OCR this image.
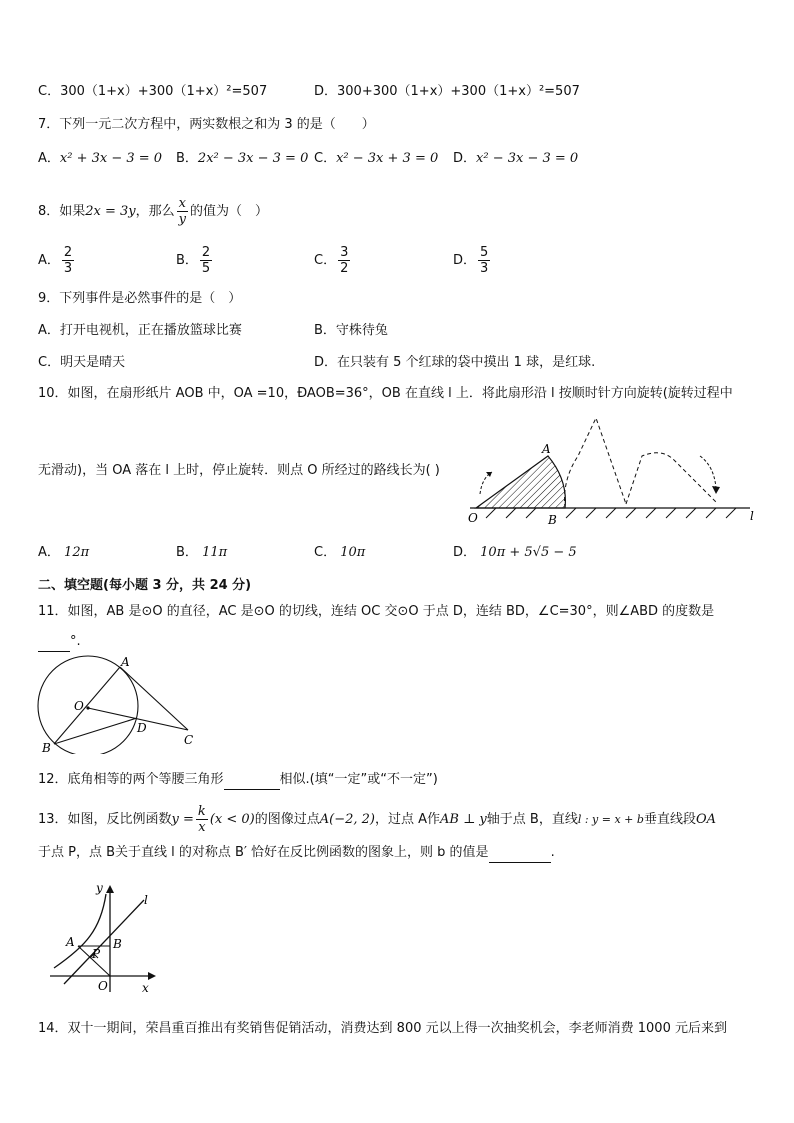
C．300（1+x）+300（1+x）²=507	D．300+300（1+x）+300（1+x）²=507
7．下列一元二次方程中，两实数根之和为 3 的是（　　）
A．x² + 3x − 3 = 0 B．2x² − 3x − 3 = 0 C．x² − 3x + 3 = 0 D．x² − 3x − 3 = 0
8．如果2x = 3y，那么 $\frac{x}{y}$ 的值为（　）
A． $\frac{2}{3}$	B． $\frac{2}{5}$	C． $\frac{3}{2}$	D． $\frac{5}{3}$
9．下列事件是必然事件的是（　）
A．打开电视机，正在播放篮球比赛	B．守株待兔
C．明天是晴天	D．在只装有 5 个红球的袋中摸出 1 球，是红球.
10．如图，在扇形纸片 AOB 中，OA =10，ÐAOB=36°，OB 在直线 l 上．将此扇形沿 l 按顺时针方向旋转(旋转过程中
无滑动)，当 OA 落在 l 上时，停止旋转．则点 O 所经过的路线长为( )
A
O	B	l
A． 12π	B． 11π	C． 10π	D． 10π + 5√5 − 5
二、填空题(每小题 3 分，共 24 分)
11．如图，AB 是⊙O 的直径，AC 是⊙O 的切线，连结 OC 交⊙O 于点 D，连结 BD，∠C=30°，则∠ABD 的度数是
°.
A
O
D
B
C
12．底角相等的两个等腰三角形	相似.(填“一定”或“不一定”)
13．如图，反比例函数$y = \frac{k}{x} (x < 0)$的图像过点A(−2, 2)，过点 A作AB ⊥ y轴于点 B，直线l : y = x + b垂直线段OA
于点 P，点 B关于直线 l 的对称点 B′ 恰好在反比例函数的图象上，则 b 的值是	.
y
l
A	B
P
O	x
14．双十一期间，荣昌重百推出有奖销售促销活动，消费达到 800 元以上得一次抽奖机会，李老师消费 1000 元后来到
